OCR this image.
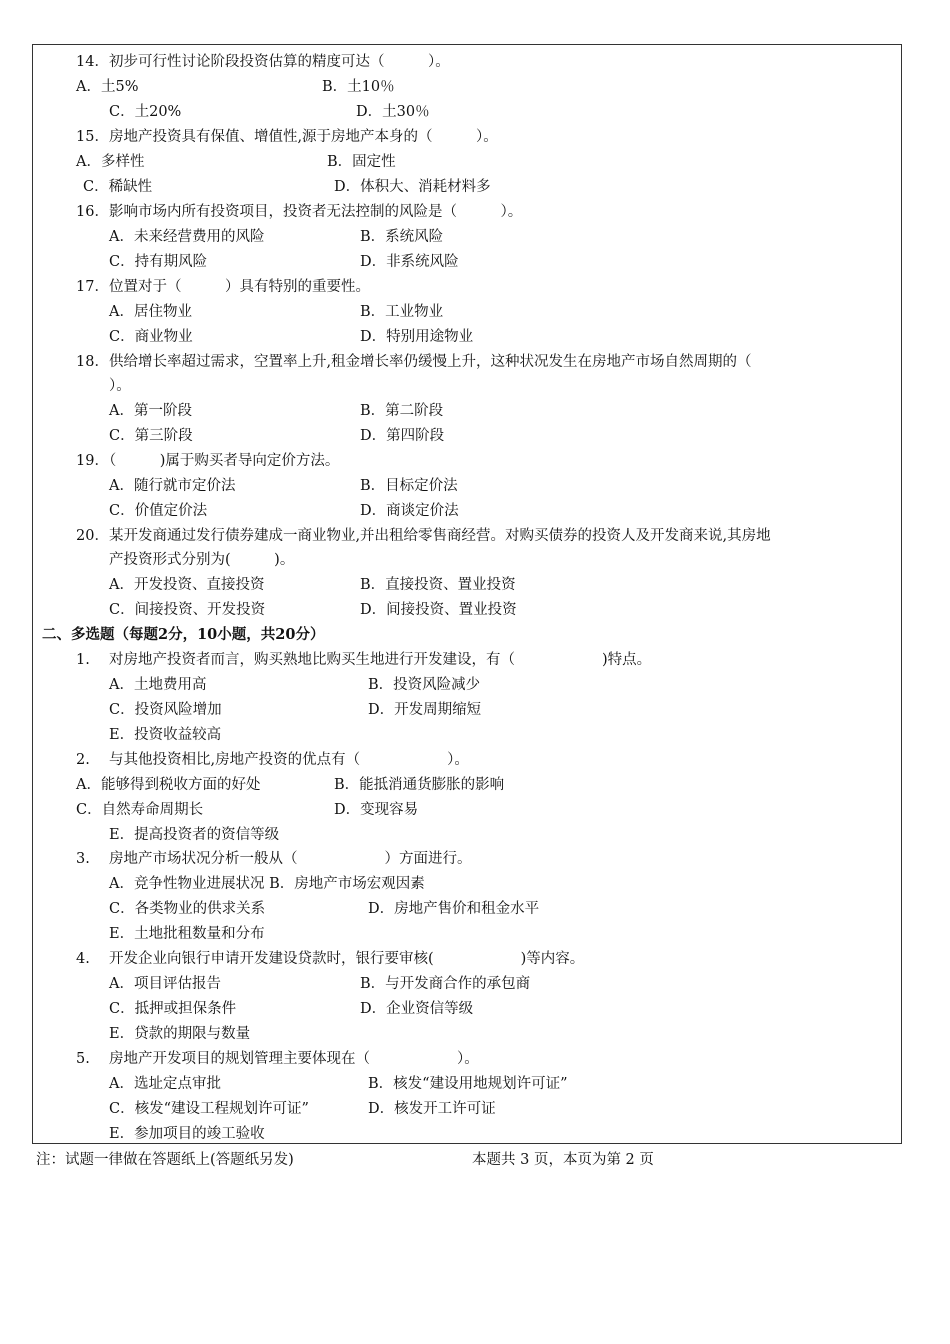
14．初步可行性讨论阶段投资估算的精度可达（　　　）。
A．土5%	B．土10％
C．土20%	D．土30％
15．房地产投资具有保值、增值性,源于房地产本身的（　　　）。
A．多样性	B．固定性
C．稀缺性	D．体积大、消耗材料多
16．影响市场内所有投资项目，投资者无法控制的风险是（　　　）。
A．未来经营费用的风险	B．系统风险
C．持有期风险	D．非系统风险
17．位置对于（　　　）具有特别的重要性。
A．居住物业	B．工业物业
C．商业物业	D．特别用途物业
18．供给增长率超过需求，空置率上升,租金增长率仍缓慢上升，这种状况发生在房地产市场自然周期的（
）。
A．第一阶段	B．第二阶段
C．第三阶段	D．第四阶段
19．（　　　)属于购买者导向定价方法。
A．随行就市定价法	B．目标定价法
C．价值定价法	D．商谈定价法
20．某开发商通过发行债券建成一商业物业,并出租给零售商经营。对购买债券的投资人及开发商来说,其房地
产投资形式分别为(　　　)。
A．开发投资、直接投资	B．直接投资、置业投资
C．间接投资、开发投资	D．间接投资、置业投资
二、多选题（每题2分，10小题，共20分）
1. 对房地产投资者而言，购买熟地比购买生地进行开发建设，有（　　　　　　)特点。
A．土地费用高	B．投资风险减少
C．投资风险增加	D．开发周期缩短
E．投资收益较高
2. 与其他投资相比,房地产投资的优点有（　　　　　　）。
A．能够得到税收方面的好处	B．能抵消通货膨胀的影响
C．自然寿命周期长	D．变现容易
E．提高投资者的资信等级
3. 房地产市场状况分析一般从（　　　　　　）方面进行。
A．竞争性物业进展状况 B．房地产市场宏观因素
C．各类物业的供求关系	D．房地产售价和租金水平
E．土地批租数量和分布
4. 开发企业向银行申请开发建设贷款时，银行要审核(　　　　　　)等内容。
A．项目评估报告	B．与开发商合作的承包商
C．抵押或担保条件	D．企业资信等级
E．贷款的期限与数量
5. 房地产开发项目的规划管理主要体现在（　　　　　　）。
A．选址定点审批	B．核发“建设用地规划许可证”
C．核发“建设工程规划许可证”	D．核发开工许可证
E．参加项目的竣工验收
注：试题一律做在答题纸上(答题纸另发)	本题共 3 页，本页为第 2 页
